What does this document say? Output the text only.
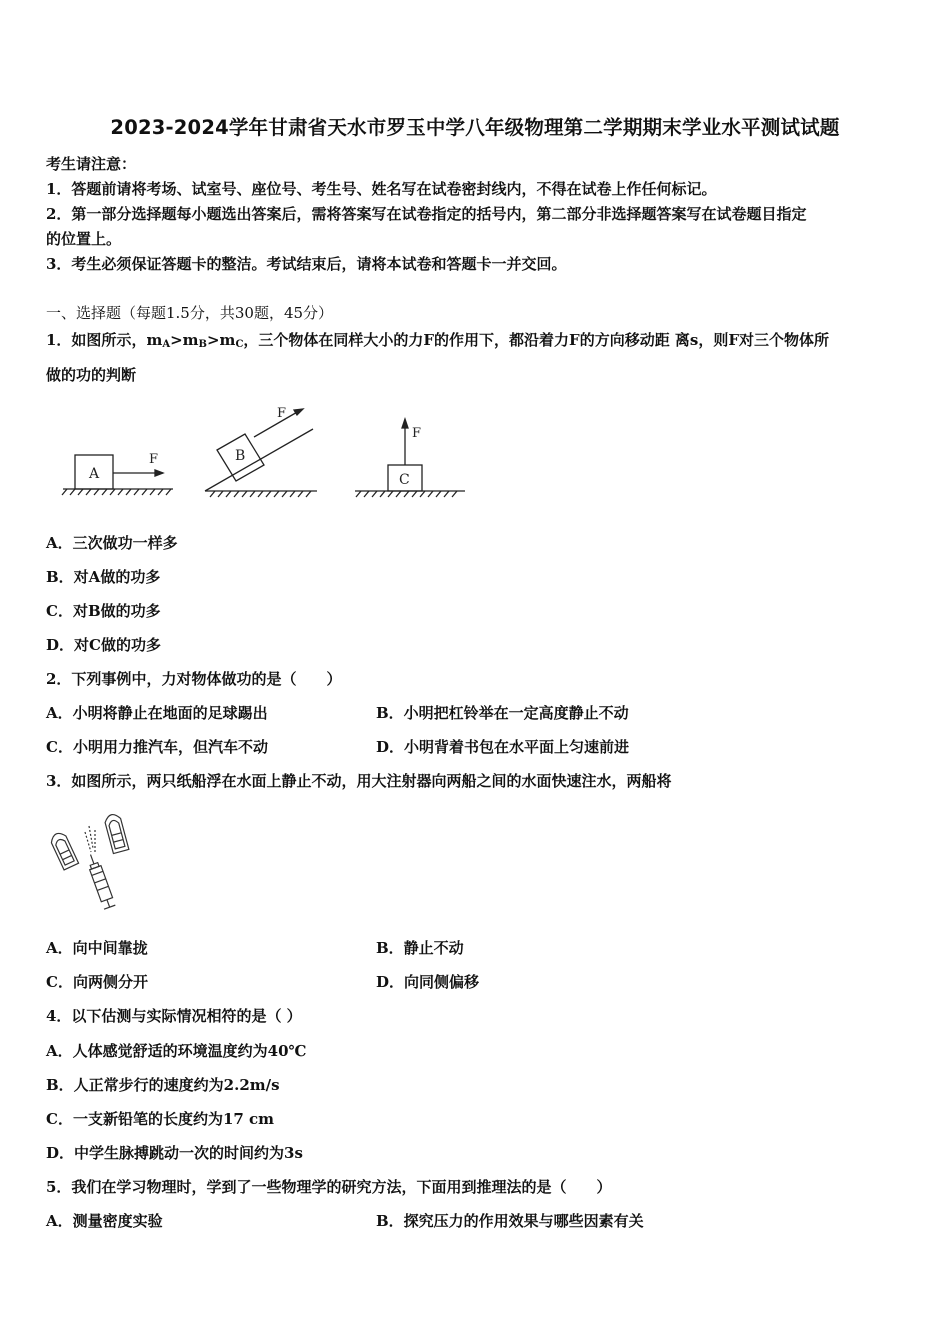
2023-2024学年甘肃省天水市罗玉中学八年级物理第二学期期末学业水平测试试题
考生请注意：
1．答题前请将考场、试室号、座位号、考生号、姓名写在试卷密封线内，不得在试卷上作任何标记。
2．第一部分选择题每小题选出答案后，需将答案写在试卷指定的括号内，第二部分非选择题答案写在试卷题目指定
的位置上。
3．考生必须保证答题卡的整洁。考试结束后，请将本试卷和答题卡一并交回。
一、选择题（每题1.5分，共30题，45分）
1．如图所示，$m_A>m_B>m_C$，三个物体在同样大小的力F的作用下，都沿着力F的方向移动距 离s，则F对三个物体所
做的功的判断
A
F	B
F
C
F
A．三次做功一样多
B．对A做的功多
C．对B做的功多
D．对C做的功多
2．下列事例中，力对物体做功的是（　　）
A．小明将静止在地面的足球踢出	B．小明把杠铃举在一定高度静止不动
C．小明用力推汽车，但汽车不动	D．小明背着书包在水平面上匀速前进
3．如图所示，两只纸船浮在水面上静止不动，用大注射器向两船之间的水面快速注水，两船将
A．向中间靠拢	B．静止不动
C．向两侧分开	D．向同侧偏移
4．以下估测与实际情况相符的是（ ）
A．人体感觉舒适的环境温度约为40℃
B．人正常步行的速度约为2.2m/s
C．一支新铅笔的长度约为17 cm
D．中学生脉搏跳动一次的时间约为3s
5．我们在学习物理时，学到了一些物理学的研究方法，下面用到推理法的是（　　）
A．测量密度实验	B．探究压力的作用效果与哪些因素有关
